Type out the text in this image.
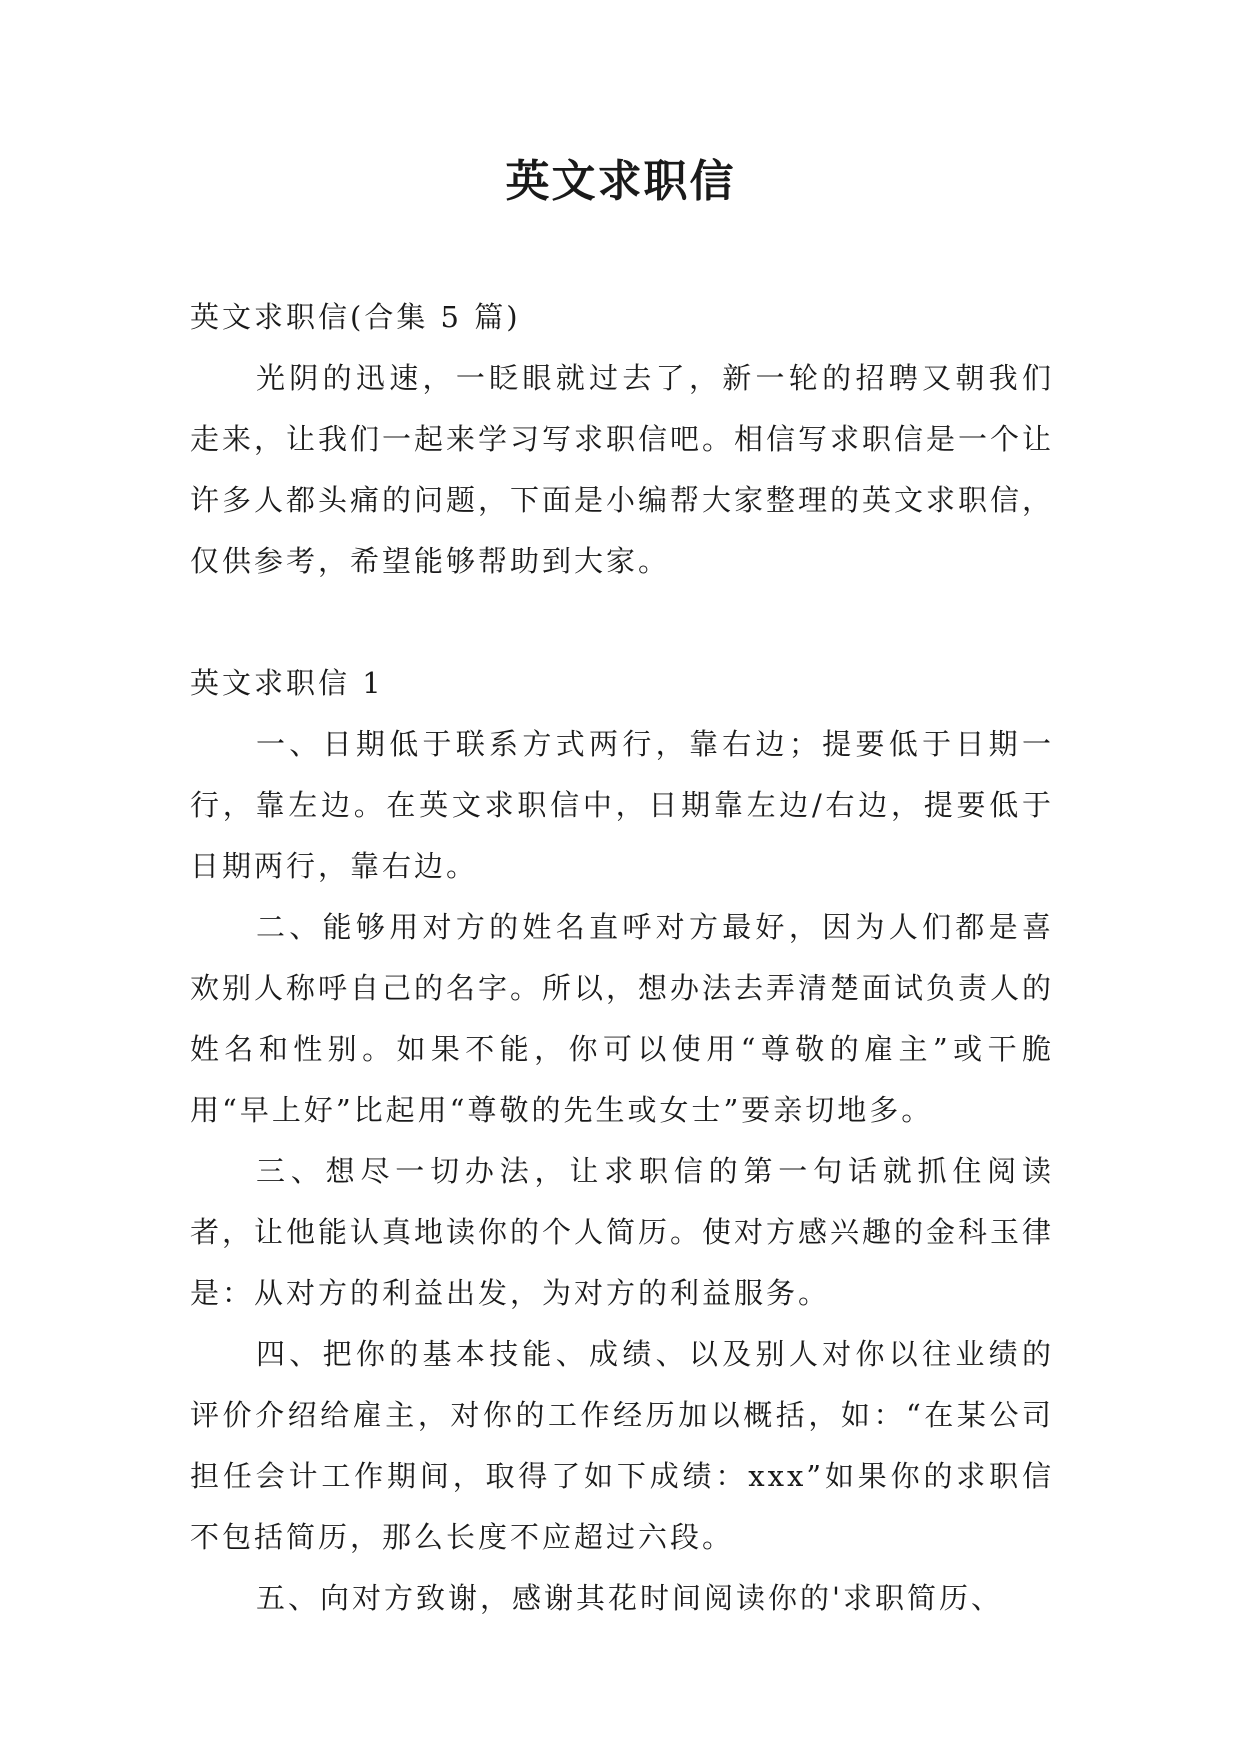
英文求职信

英文求职信(合集 5 篇)

光阴的迅速，一眨眼就过去了，新一轮的招聘又朝我们走来，让我们一起来学习写求职信吧。相信写求职信是一个让许多人都头痛的问题，下面是小编帮大家整理的英文求职信，仅供参考，希望能够帮助到大家。

英文求职信 1

一、日期低于联系方式两行，靠右边；提要低于日期一行，靠左边。在英文求职信中，日期靠左边/右边，提要低于日期两行，靠右边。

二、能够用对方的姓名直呼对方最好，因为人们都是喜欢别人称呼自己的名字。所以，想办法去弄清楚面试负责人的姓名和性别。如果不能，你可以使用“尊敬的雇主”或干脆用“早上好”比起用“尊敬的先生或女士”要亲切地多。

三、想尽一切办法，让求职信的第一句话就抓住阅读者，让他能认真地读你的个人简历。使对方感兴趣的金科玉律是：从对方的利益出发，为对方的利益服务。

四、把你的基本技能、成绩、以及别人对你以往业绩的评价介绍给雇主，对你的工作经历加以概括，如：“在某公司担任会计工作期间，取得了如下成绩：xxx”如果你的求职信不包括简历，那么长度不应超过六段。

五、向对方致谢，感谢其花时间阅读你的'求职简历、
